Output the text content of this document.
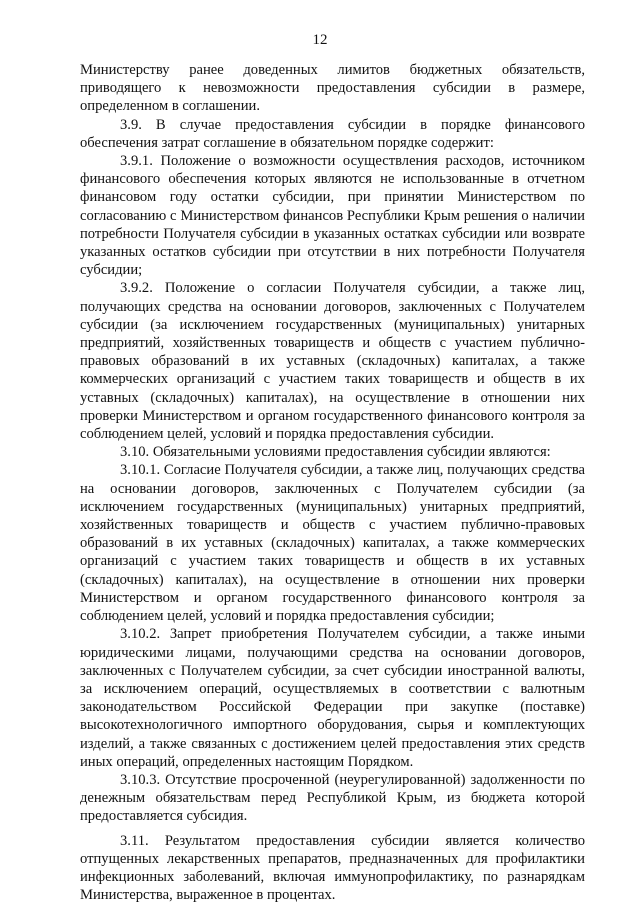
12

Министерству ранее доведенных лимитов бюджетных обязательств, приводящего к невозможности предоставления субсидии в размере, определенном в соглашении.

3.9. В случае предоставления субсидии в порядке финансового обеспечения затрат соглашение в обязательном порядке содержит:

3.9.1. Положение о возможности осуществления расходов, источником финансового обеспечения которых являются не использованные в отчетном финансовом году остатки субсидии, при принятии Министерством по согласованию с Министерством финансов Республики Крым решения о наличии потребности Получателя субсидии в указанных остатках субсидии или возврате указанных остатков субсидии при отсутствии в них потребности Получателя субсидии;

3.9.2. Положение о согласии Получателя субсидии, а также лиц, получающих средства на основании договоров, заключенных с Получателем субсидии (за исключением государственных (муниципальных) унитарных предприятий, хозяйственных товариществ и обществ с участием публично-правовых образований в их уставных (складочных) капиталах, а также коммерческих организаций с участием таких товариществ и обществ в их уставных (складочных) капиталах), на осуществление в отношении них проверки Министерством и органом государственного финансового контроля за соблюдением целей, условий и порядка предоставления субсидии.

3.10. Обязательными условиями предоставления субсидии являются:

3.10.1. Согласие Получателя субсидии, а также лиц, получающих средства на основании договоров, заключенных с Получателем субсидии (за исключением государственных (муниципальных) унитарных предприятий, хозяйственных товариществ и обществ с участием публично-правовых образований в их уставных (складочных) капиталах, а также коммерческих организаций с участием таких товариществ и обществ в их уставных (складочных) капиталах), на осуществление в отношении них проверки Министерством и органом государственного финансового контроля за соблюдением целей, условий и порядка предоставления субсидии;

3.10.2. Запрет приобретения Получателем субсидии, а также иными юридическими лицами, получающими средства на основании договоров, заключенных с Получателем субсидии, за счет субсидии иностранной валюты, за исключением операций, осуществляемых в соответствии с валютным законодательством Российской Федерации при закупке (поставке) высокотехнологичного импортного оборудования, сырья и комплектующих изделий, а также связанных с достижением целей предоставления этих средств иных операций, определенных настоящим Порядком.

3.10.3. Отсутствие просроченной (неурегулированной) задолженности по денежным обязательствам перед Республикой Крым, из бюджета которой предоставляется субсидия.

3.11. Результатом предоставления субсидии является количество отпущенных лекарственных препаратов, предназначенных для профилактики инфекционных заболеваний, включая иммунопрофилактику, по разнарядкам Министерства, выраженное в процентах.
